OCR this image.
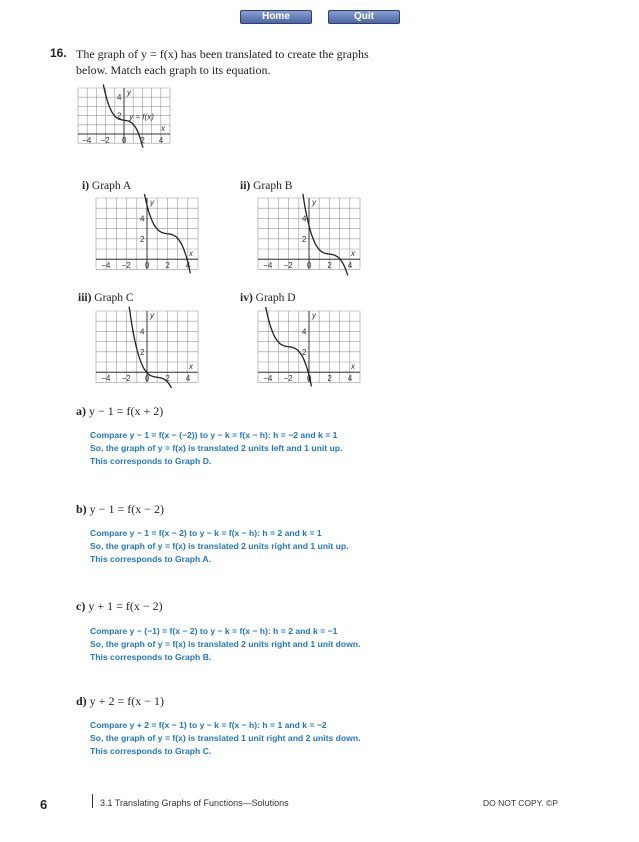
Home	Quit
16. The graph of y = f(x) has been translated to create the graphs below. Match each graph to its equation.
−4 −2 0 2 4
2
4
y
x
y = f(x)
i) Graph A	ii) Graph B
−4 −2 0 2 4
2
4
y
x
−4 −2 0 2 4
2
4
y
x
iii) Graph C	iv) Graph D
−4 −2 0 2 4
2
4
y
x
−4 −2 0 2 4
2
4
y
x
a) y − 1 = f(x + 2)
Compare y − 1 = f(x − (−2)) to y − k = f(x − h): h = −2 and k = 1
So, the graph of y = f(x) is translated 2 units left and 1 unit up.
This corresponds to Graph D.
b) y − 1 = f(x − 2)
Compare y − 1 = f(x − 2) to y − k = f(x − h): h = 2 and k = 1
So, the graph of y = f(x) is translated 2 units right and 1 unit up.
This corresponds to Graph A.
c) y + 1 = f(x − 2)
Compare y − (−1) = f(x − 2) to y − k = f(x − h): h = 2 and k = −1
So, the graph of y = f(x) is translated 2 units right and 1 unit down.
This corresponds to Graph B.
d) y + 2 = f(x − 1)
Compare y + 2 = f(x − 1) to y − k = f(x − h): h = 1 and k = −2
So, the graph of y = f(x) is translated 1 unit right and 2 units down.
This corresponds to Graph C.
6	3.1 Translating Graphs of Functions—Solutions	DO NOT COPY. ©P
